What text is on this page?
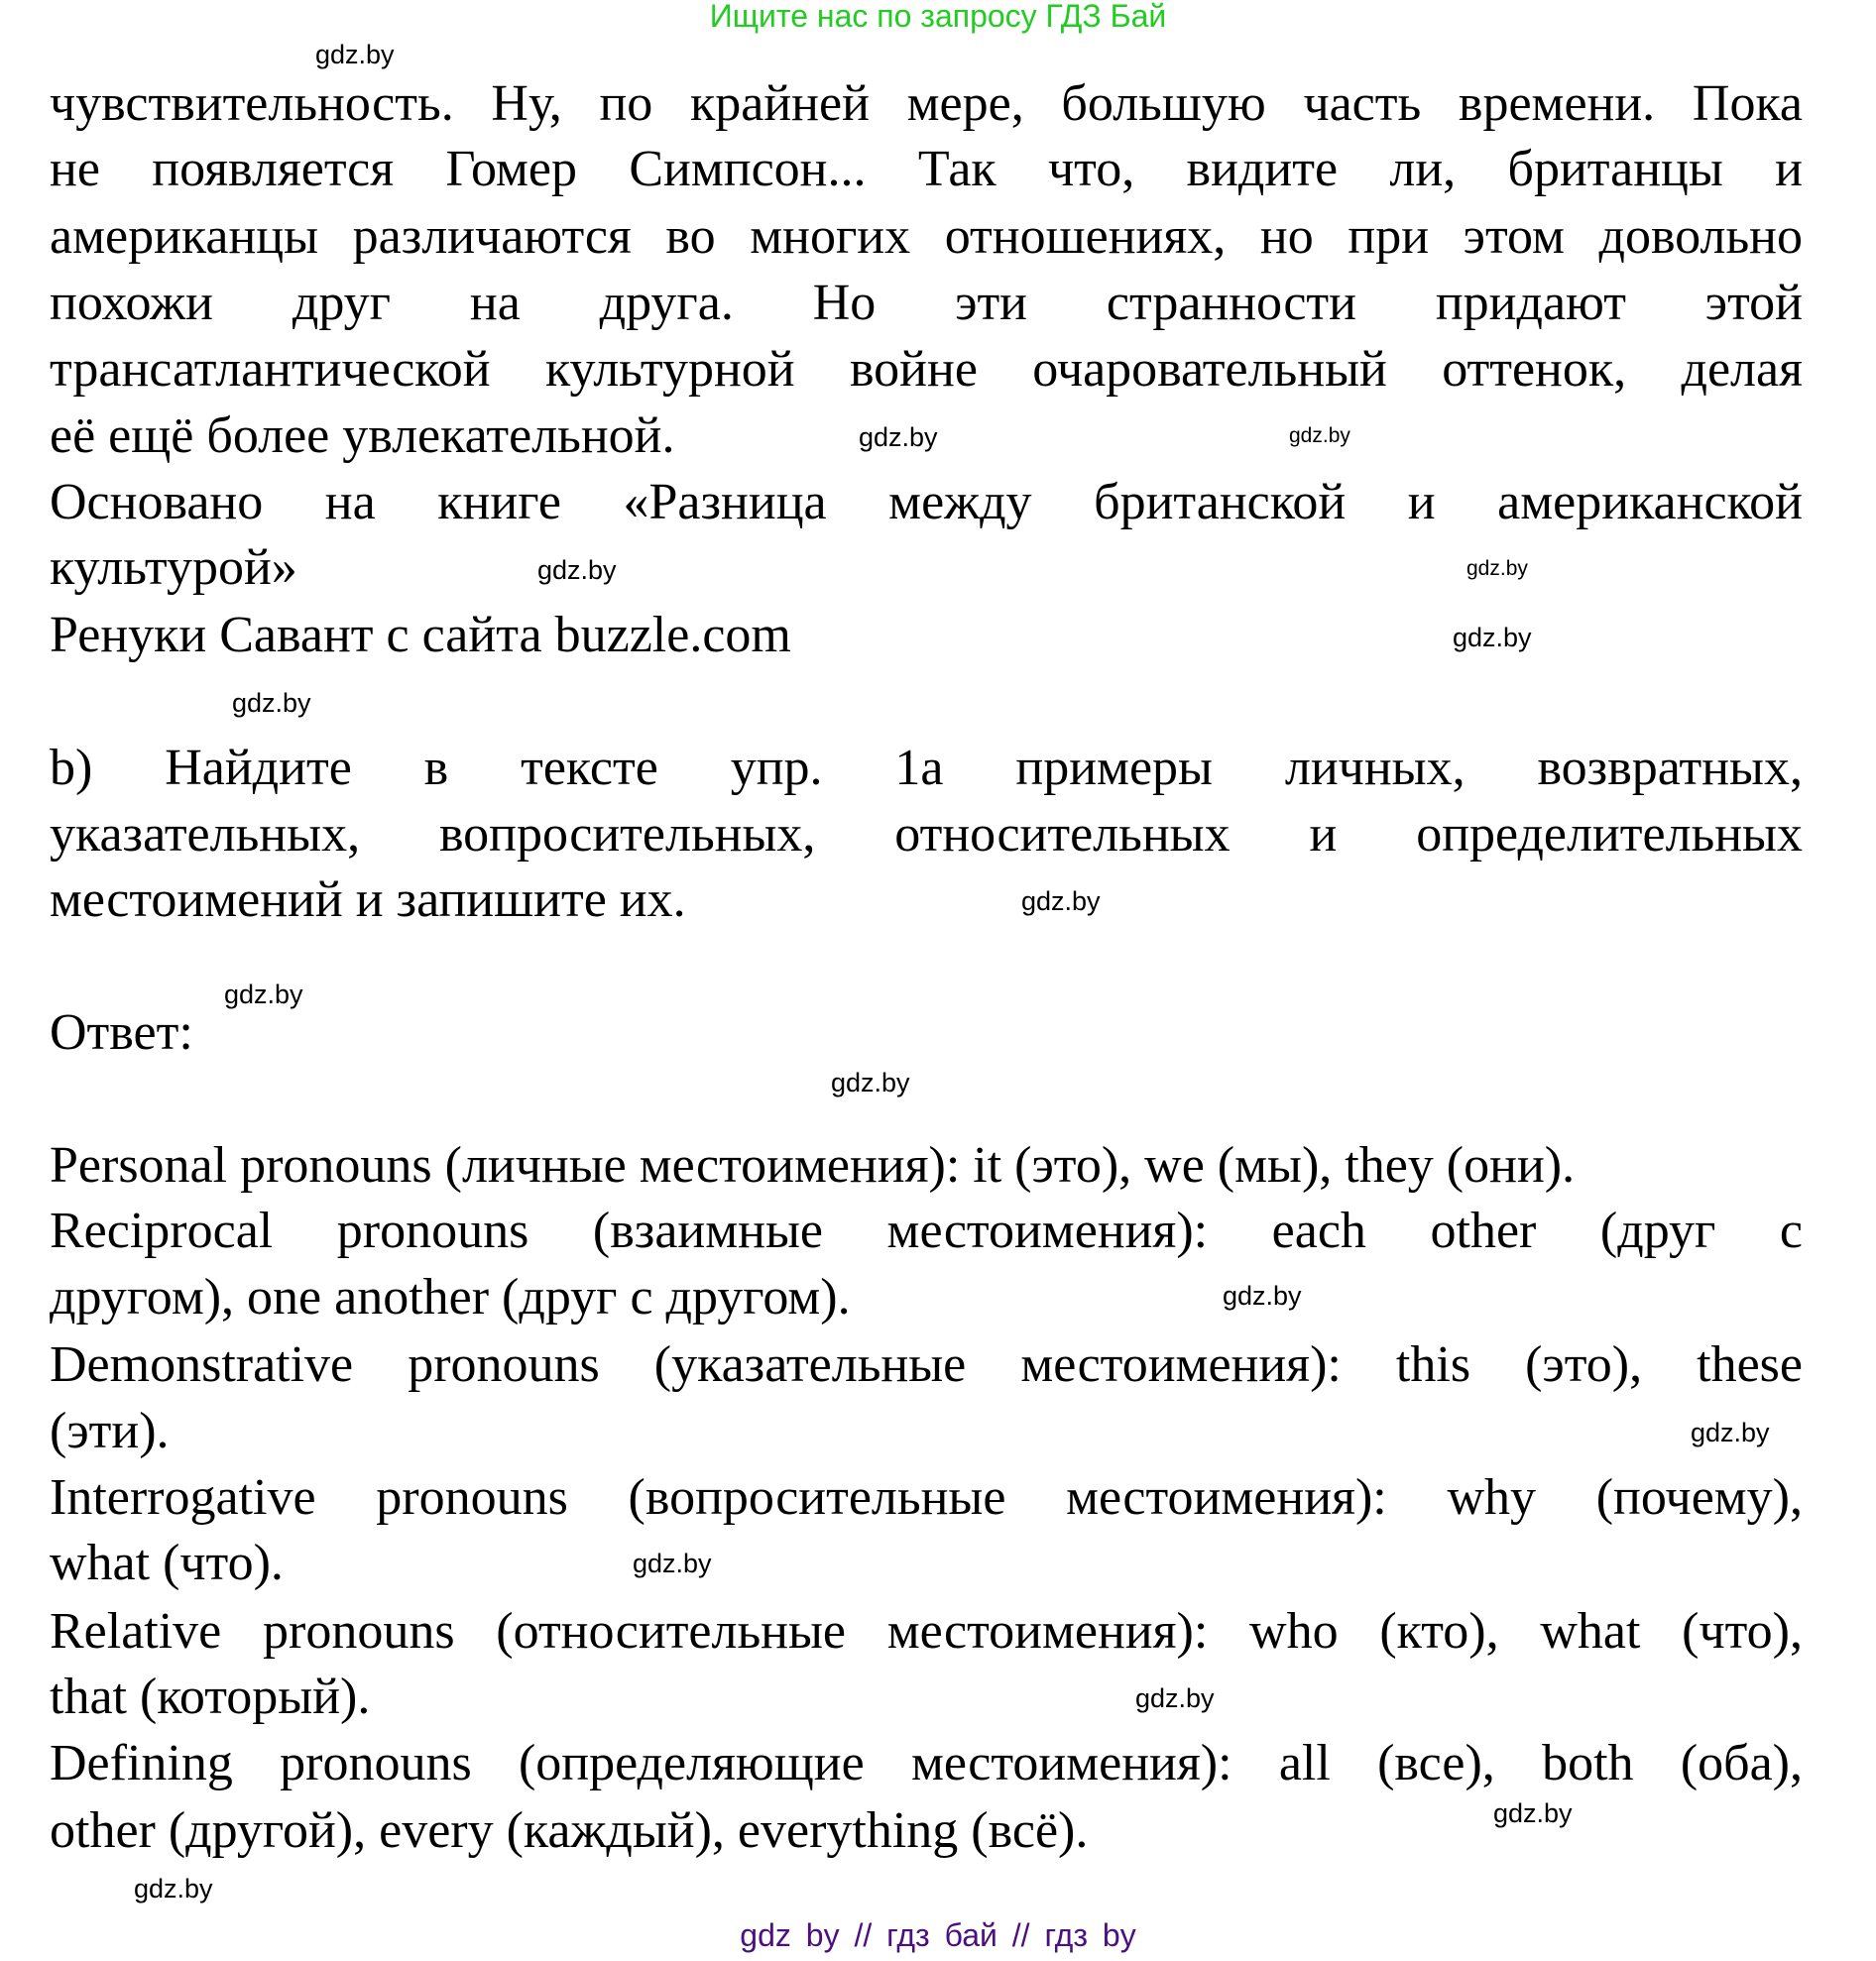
Ищите нас по запросу ГДЗ Бай
чувствительность. Ну, по крайней мере, большую часть времени. Пока
не появляется Гомер Симпсон... Так что, видите ли, британцы и
американцы различаются во многих отношениях, но при этом довольно
похожи друг на друга. Но эти странности придают этой
трансатлантической культурной войне очаровательный оттенок, делая
её ещё более увлекательной.
Основано на книге «Разница между британской и американской
культурой»
Ренуки Савант с сайта buzzle.com
b) Найдите в тексте упр. 1а примеры личных, возвратных,
указательных, вопросительных, относительных и определительных
местоимений и запишите их.
Ответ:
Personal pronouns (личные местоимения): it (это), we (мы), they (они).
Reciprocal pronouns (взаимные местоимения): each other (друг с
другом), one another (друг с другом).
Demonstrative pronouns (указательные местоимения): this (это), these
(эти).
Interrogative pronouns (вопросительные местоимения): why (почему),
what (что).
Relative pronouns (относительные местоимения): who (кто), what (что),
that (который).
Defining pronouns (определяющие местоимения): all (все), both (оба),
other (другой), every (каждый), everything (всё).
gdz.by
gdz.by
gdz.by
gdz.by
gdz.by
gdz.by
gdz.by
gdz.by
gdz.by
gdz.by
gdz.by
gdz.by
gdz.by
gdz.by
gdz.by
gdz.by
gdz by // гдз бай // гдз by
